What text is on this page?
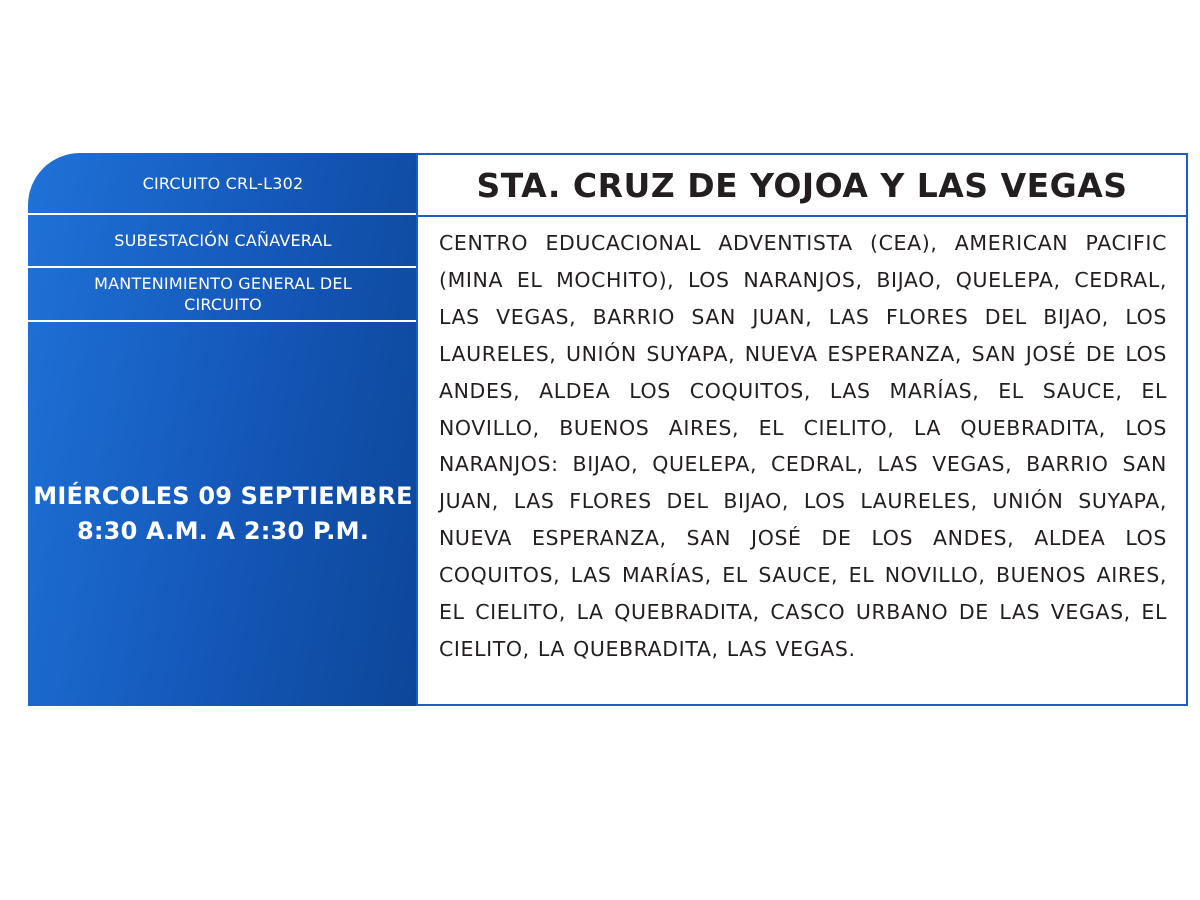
CIRCUITO CRL-L302
SUBESTACIÓN CAÑAVERAL
MANTENIMIENTO GENERAL DEL CIRCUITO
MIÉRCOLES 09 SEPTIEMBRE
8:30 A.M. A 2:30 P.M.
STA. CRUZ DE YOJOA Y LAS VEGAS

CENTRO EDUCACIONAL ADVENTISTA (CEA), AMERICAN PACIFIC (MINA EL MOCHITO), LOS NARANJOS, BIJAO, QUELEPA, CEDRAL, LAS VEGAS, BARRIO SAN JUAN, LAS FLORES DEL BIJAO, LOS LAURELES, UNIÓN SUYAPA, NUEVA ESPERANZA, SAN JOSÉ DE LOS ANDES, ALDEA LOS COQUITOS, LAS MARÍAS, EL SAUCE, EL NOVILLO, BUENOS AIRES, EL CIELITO, LA QUEBRADITA, LOS NARANJOS: BIJAO, QUELEPA, CEDRAL, LAS VEGAS, BARRIO SAN JUAN, LAS FLORES DEL BIJAO, LOS LAURELES, UNIÓN SUYAPA, NUEVA ESPERANZA, SAN JOSÉ DE LOS ANDES, ALDEA LOS COQUITOS, LAS MARÍAS, EL SAUCE, EL NOVILLO, BUENOS AIRES, EL CIELITO, LA QUEBRADITA, CASCO URBANO DE LAS VEGAS, EL CIELITO, LA QUEBRADITA, LAS VEGAS.
